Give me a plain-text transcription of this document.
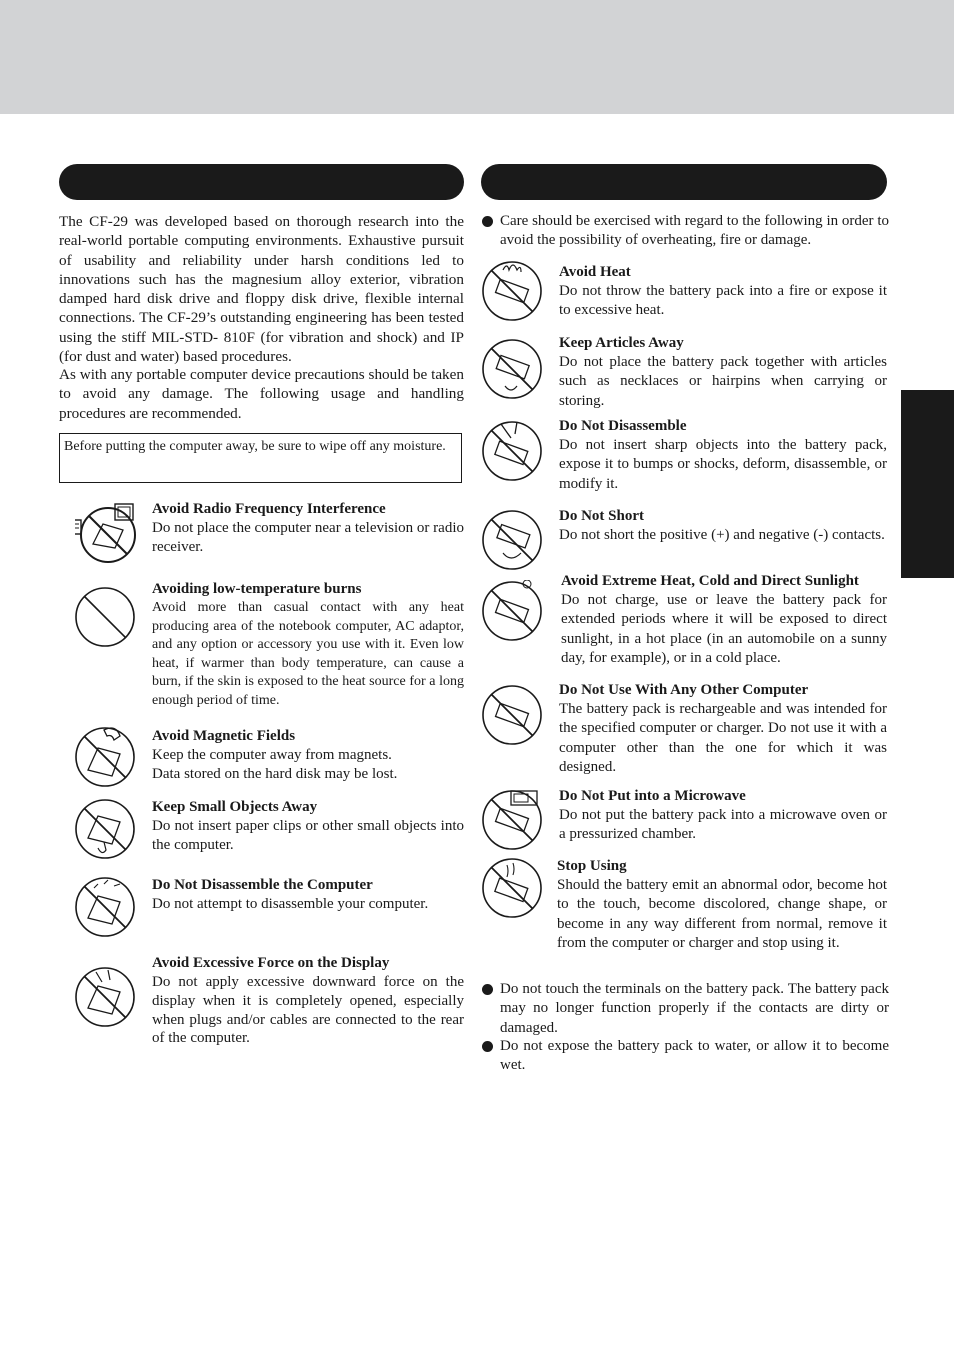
The CF-29 was developed based on thorough research into the real-world portable computing environments. Exhaustive pursuit of usability and reliability under harsh conditions led to innovations such has the magnesium alloy exterior, vibration damped hard disk drive and floppy disk drive, flexible internal connections. The CF-29’s outstanding engineering has been tested using the stiff MIL-STD- 810F (for vibration and shock) and IP (for dust and water) based procedures.

As with any portable computer device precautions should be taken to avoid any damage. The following usage and handling procedures are recommended.

Before putting the computer away, be sure to wipe off any moisture.
Avoid Radio Frequency Interference
Do not place the computer near a television or radio receiver.
Avoiding low-temperature burns
Avoid more than casual contact with any heat producing area of the notebook computer, AC adaptor, and any option or accessory you use with it. Even low heat, if warmer than body temperature, can cause a burn, if the skin is exposed to the heat source for a long enough period of time.
Avoid Magnetic Fields
Keep the computer away from magnets.
Data stored on the hard disk may be lost.
Keep Small Objects Away
Do not insert paper clips or other small objects into the computer.
Do Not Disassemble the Computer
Do not attempt to disassemble your computer.
Avoid Excessive Force on the Display
Do not apply excessive downward force on the display when it is completely opened, especially when plugs and/or cables are connected to the rear of the computer.
Care should be exercised with regard to the following in order to avoid the possibility of overheating, fire or damage.
Avoid Heat
Do not throw the battery pack into a fire or expose it to excessive heat.
Keep Articles Away
Do not place the battery pack together with articles such as necklaces or hairpins when carrying or storing.
Do Not Disassemble
Do not insert sharp objects into the battery pack, expose it to bumps or shocks, deform, disassemble, or modify it.
Do Not Short
Do not short the positive (+) and negative (-) contacts.
Avoid Extreme Heat, Cold and Direct Sunlight
Do not charge, use or leave the battery pack for extended periods where it will be exposed to direct sunlight, in a hot place (in an automobile on a sunny day, for example), or in a cold place.
Do Not Use With Any Other Computer
The battery pack is rechargeable and was intended for the specified computer or charger. Do not use it with a computer other than the one for which it was designed.
Do Not Put into a Microwave
Do not put the battery pack into a microwave oven or a pressurized chamber.
Stop Using
Should the battery emit an abnormal odor, become hot to the touch, become discolored, change shape, or become in any way different from normal, remove it from the computer or charger and stop using it.
Do not touch the terminals on the battery pack. The battery pack may no longer function properly if the contacts are dirty or damaged.
Do not expose the battery pack to water, or allow it to become wet.
